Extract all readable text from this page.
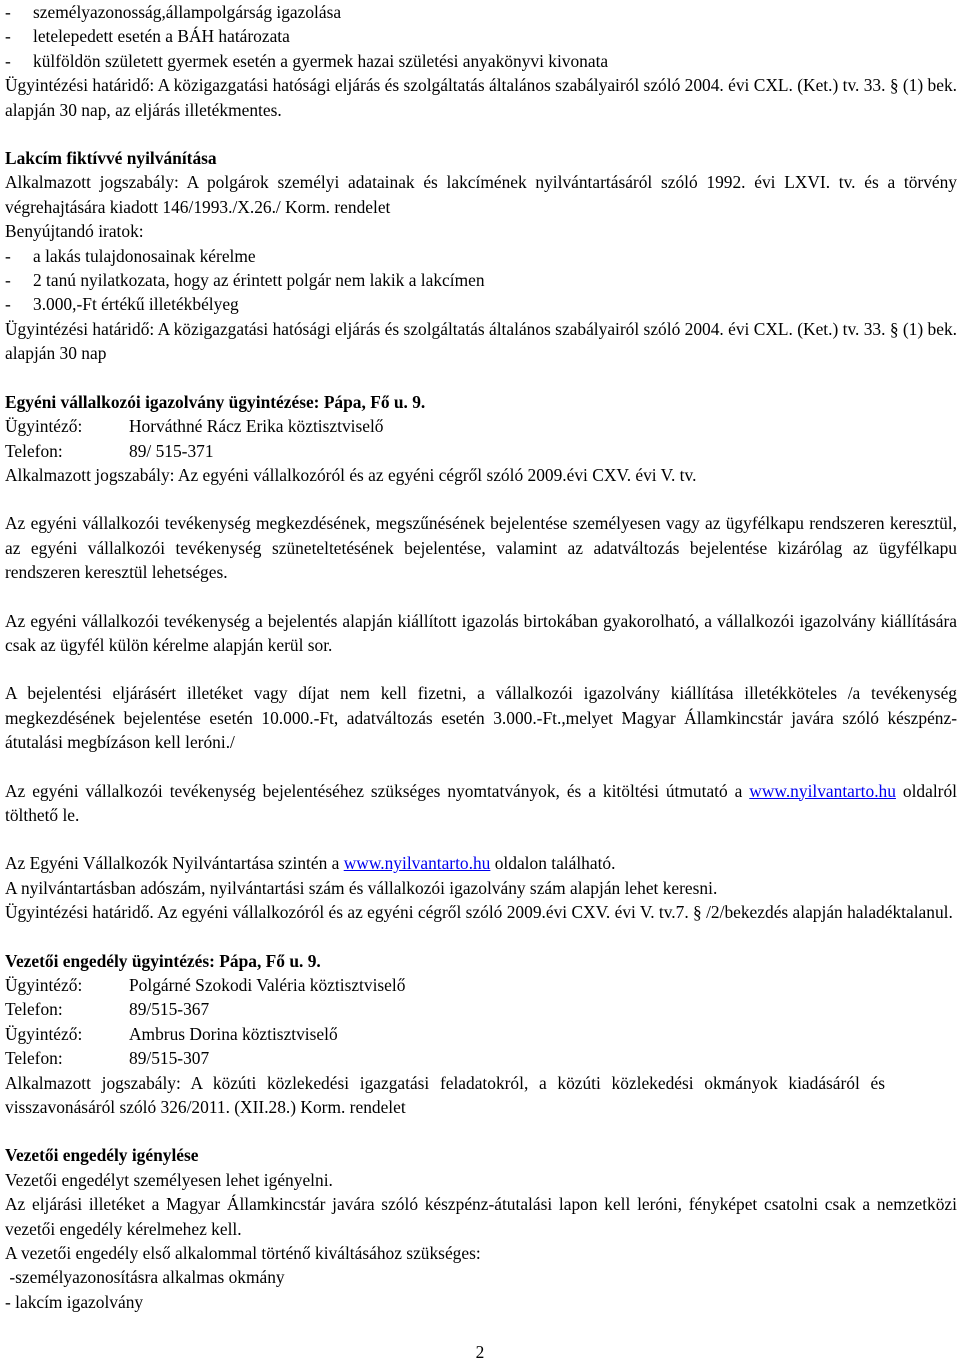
- személyazonosság,állampolgárság igazolása
- letelepedett esetén a BÁH határozata
- külföldön született gyermek esetén a gyermek hazai születési anyakönyvi kivonata
Ügyintézési határidő: A közigazgatási hatósági eljárás és szolgáltatás általános szabályairól szóló 2004. évi CXL. (Ket.) tv. 33. § (1) bek. alapján 30 nap, az eljárás illetékmentes.
Lakcím fiktívvé nyilvánítása
Alkalmazott jogszabály: A polgárok személyi adatainak és lakcímének nyilvántartásáról szóló 1992. évi LXVI. tv. és a törvény végrehajtására kiadott 146/1993./X.26./ Korm. rendelet
Benyújtandó iratok:
- a lakás tulajdonosainak kérelme
- 2 tanú nyilatkozata, hogy az érintett polgár nem lakik a lakcímen
- 3.000,-Ft értékű illetékbélyeg
Ügyintézési határidő: A közigazgatási hatósági eljárás és szolgáltatás általános szabályairól szóló 2004. évi CXL. (Ket.) tv. 33. § (1) bek. alapján 30 nap
Egyéni vállalkozói igazolvány ügyintézése: Pápa, Fő u. 9.
Ügyintéző:	Horváthné Rácz Erika köztisztviselő
Telefon:	89/ 515-371
Alkalmazott jogszabály: Az egyéni vállalkozóról és az egyéni cégről szóló 2009.évi CXV. évi V. tv.
Az egyéni vállalkozói tevékenység megkezdésének, megszűnésének bejelentése személyesen vagy az ügyfélkapu rendszeren keresztül, az egyéni vállalkozói tevékenység szüneteltetésének bejelentése, valamint az adatváltozás bejelentése kizárólag az ügyfélkapu rendszeren keresztül lehetséges.
Az egyéni vállalkozói tevékenység a bejelentés alapján kiállított igazolás birtokában gyakorolható, a vállalkozói igazolvány kiállítására csak az ügyfél külön kérelme alapján kerül sor.
A bejelentési eljárásért illetéket vagy díjat nem kell fizetni, a vállalkozói igazolvány kiállítása illetékköteles /a tevékenység megkezdésének bejelentése esetén 10.000.-Ft, adatváltozás esetén 3.000.-Ft.,melyet Magyar Államkincstár javára szóló készpénz-átutalási megbízáson kell leróni./
Az egyéni vállalkozói tevékenység bejelentéséhez szükséges nyomtatványok, és a kitöltési útmutató a www.nyilvantarto.hu oldalról tölthető le.
Az Egyéni Vállalkozók Nyilvántartása szintén a www.nyilvantarto.hu oldalon található.
A nyilvántartásban adószám, nyilvántartási szám és vállalkozói igazolvány szám alapján lehet keresni.
Ügyintézési határidő. Az egyéni vállalkozóról és az egyéni cégről szóló 2009.évi CXV. évi V. tv.7. § /2/bekezdés alapján haladéktalanul.
Vezetői engedély ügyintézés: Pápa, Fő u. 9.
Ügyintéző:	Polgárné Szokodi Valéria köztisztviselő
Telefon:	89/515-367
Ügyintéző:	Ambrus Dorina köztisztviselő
Telefon:	89/515-307
Alkalmazott jogszabály: A közúti közlekedési igazgatási feladatokról, a közúti közlekedési okmányok kiadásáról és visszavonásáról szóló 326/2011. (XII.28.) Korm. rendelet
Vezetői engedély igénylése
Vezetői engedélyt személyesen lehet igényelni.
Az eljárási illetéket a Magyar Államkincstár javára szóló készpénz-átutalási lapon kell leróni, fényképet csatolni csak a nemzetközi vezetői engedély kérelmehez kell.
A vezetői engedély első alkalommal történő kiváltásához szükséges:
-személyazonosításra alkalmas okmány
- lakcím igazolvány
2
